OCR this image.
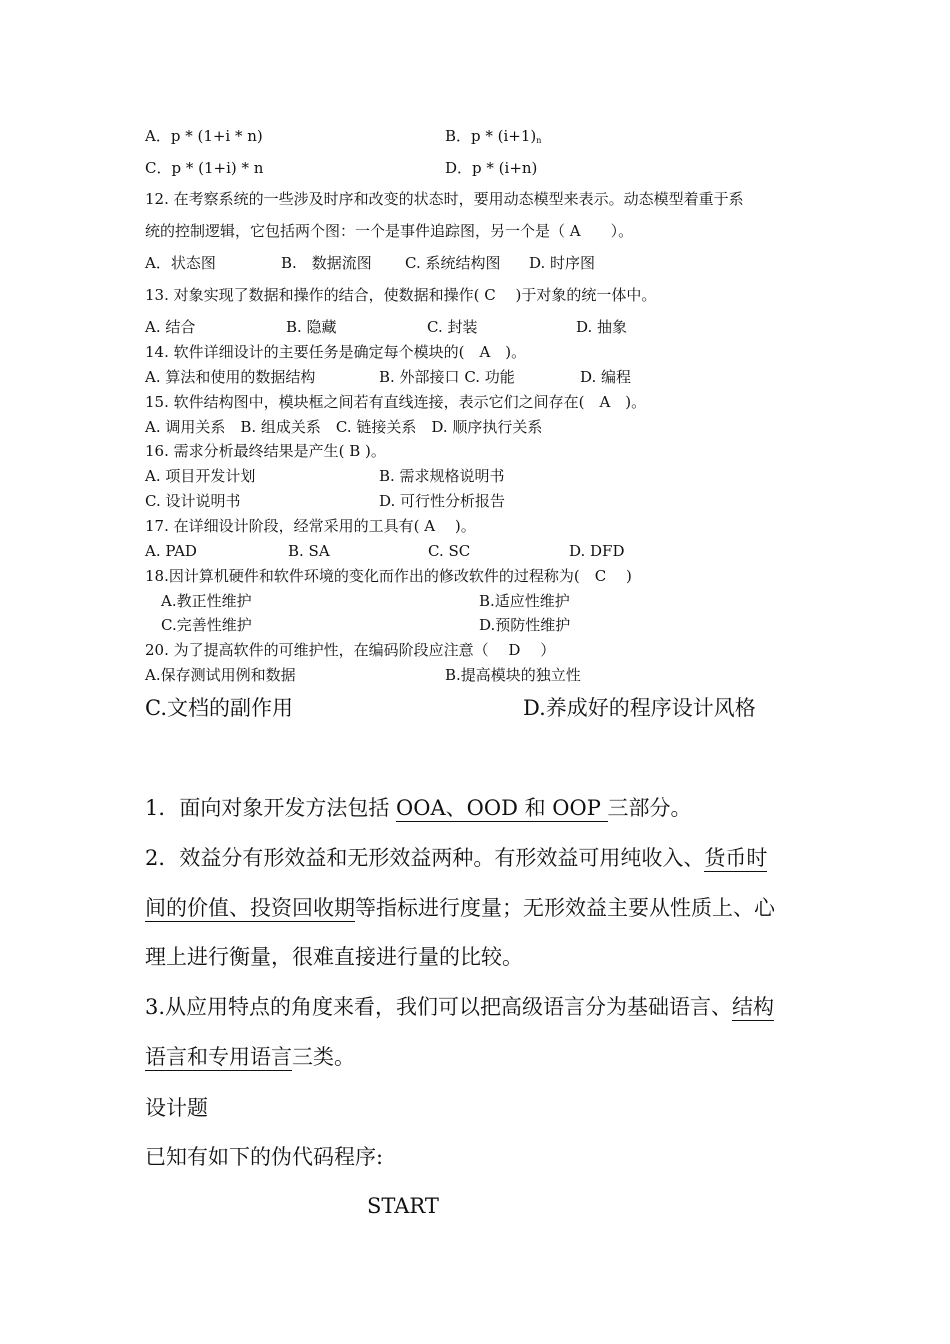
A．p * (1+i * n)	B．$p * (i+1)_n$
C．p * (1+i) * n	D．p * (i+n)
12. 在考察系统的一些涉及时序和改变的状态时，要用动态模型来表示。动态模型着重于系
统的控制逻辑，它包括两个图：一个是事件追踪图，另一个是（ A　　）。
A．状态图	B.　数据流图 C. 系统结构图 D. 时序图
13. 对象实现了数据和操作的结合，使数据和操作( C　 )于对象的统一体中。
A. 结合	B. 隐藏	C. 封装	D. 抽象
14. 软件详细设计的主要任务是确定每个模块的(　A　)。
A. 算法和使用的数据结构	B. 外部接口 C. 功能	D. 编程
15. 软件结构图中，模块框之间若有直线连接，表示它们之间存在(　A　)。
A. 调用关系　B. 组成关系　C. 链接关系　D. 顺序执行关系
16. 需求分析最终结果是产生( B )。
A. 项目开发计划	B. 需求规格说明书
C. 设计说明书	D. 可行性分析报告
17. 在详细设计阶段，经常采用的工具有( A　 )。
A. PAD	B. SA	C. SC	D. DFD
18.因计算机硬件和软件环境的变化而作出的修改软件的过程称为(　C　 )
A.教正性维护	B.适应性维护
C.完善性维护	D.预防性维护
20. 为了提高软件的可维护性，在编码阶段应注意（　 D　 ）
A.保存测试用例和数据	B.提高模块的独立性
C.文档的副作用	D.养成好的程序设计风格
1．面向对象开发方法包括 OOA、OOD 和 OOP 三部分。
2．效益分有形效益和无形效益两种。有形效益可用纯收入、货币时
间的价值、投资回收期等指标进行度量；无形效益主要从性质上、心
理上进行衡量，很难直接进行量的比较。
3.从应用特点的角度来看，我们可以把高级语言分为基础语言、结构
语言和专用语言三类。
设计题
已知有如下的伪代码程序:
START
